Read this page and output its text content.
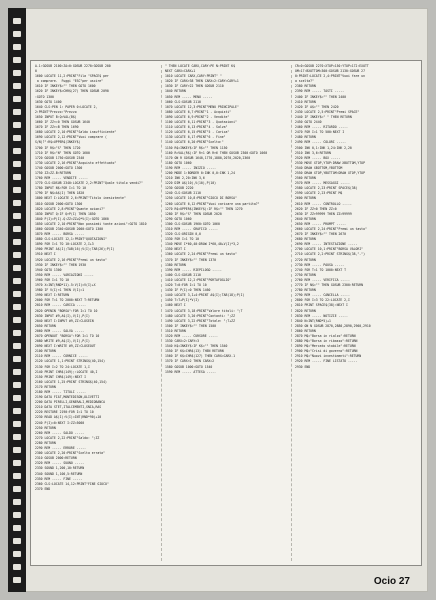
A-1:GOSUB 2100:ZA=0:GOSUB 2270:GOSUB 200
0
1600 LOCATE 11,2:PRINT"Fila "SPACE$ per
a comprare.  Fuggi "ESC"per uscire"
1610 IF INKEY$="" THEN GOTO 1600
1620 IF INKEY$=CHR$(27) THEN GOSUB 2090
:GOTO 1300
1630 GOTO 1400
1640 CLS:PEN 1: PAPER 0:LOCATE 2,
2:PRINT"Prezzo:"Prezzo
1650 INPUT B:Q=VAL(B$)
1660 IF ZZ<=0 THEN GOSUB 1640
1670 IF ZZ>=B THEN 1690
1680 LOCATE 2,10:PRINT"Saldo insufficiente"
1690 LOCATE 2,12:PRINT"Vuoi comprare (
S/N)?":R$=UPPER$(INKEY$)
1700 IF R$="S" THEN 1720
1710 IF R$="N" THEN GOTO 1600
1720 GOSUB 1750:GOSUB 2340
1730 LOCATE 2,16:PRINT"Acquisto effettuato"
1740 GOSUB 2000:GOTO 1300
1750 ZZ=ZZ-B:RETURN
1760 REM ----- VENDITE -----
1770 CLS:GOSUB 2340:LOCATE 2,2:PRINT"Quale titolo vendi?"
1780 INPUT N$:FOR I=1 TO 10
1790 IF N$=A$(I) THEN 1820
1800 NEXT I:LOCATE 2,6:PRINT"Titolo inesistente"
1810 GOSUB 2000:GOTO 1300
1820 LOCATE 2,8:PRINT"Quante azioni?"
1830 INPUT Q:IF Q>P(I) THEN 1850
1840 P(I)=P(I)-Q:ZZ=ZZ+Q*V(I):GOTO 1860
1850 LOCATE 2,10:PRINT"Non possiedi tante azioni":GOTO 1810
1860 GOSUB 2340:GOSUB 2000:GOTO 1300
1870 REM ----- BORSA -----
1880 CLS:LOCATE 12,1:PRINT"QUOTAZIONI"
1890 FOR I=1 TO 10:LOCATE 2,I+3
1900 PRINT A$(I);TAB(16);V(I);TAB(26);P(I)
1910 NEXT I
1920 LOCATE 2,16:PRINT"Premi un tasto"
1930 IF INKEY$="" THEN 1930
1940 GOTO 1300
1950 REM ----- VARIAZIONI -----
1960 FOR I=1 TO 10
1970 X=INT(RND*11)-5:V(I)=V(I)+X
1980 IF V(I)<1 THEN V(I)=1
1990 NEXT I:RETURN
2000 FOR T=1 TO 2000:NEXT T:RETURN
2010 REM ----- CARICA -----
2020 OPENIN "BORSA":FOR I=1 TO 10
2030 INPUT #9,A$(I),V(I),P(I)
2040 NEXT I:INPUT #9,ZZ:CLOSEIN
2050 RETURN
2060 REM ----- SALVA -----
2070 OPENOUT "BORSA":FOR I=1 TO 10
2080 WRITE #9,A$(I),V(I),P(I)
2090 NEXT I:WRITE #9,ZZ:CLOSEOUT
2100 RETURN
2110 REM ----- CORNICE -----
2120 LOCATE 1,1:PRINT STRING$(40,154)
2130 FOR I=2 TO 24:LOCATE 1,I
2140 PRINT CHR$(149);:LOCATE 40,I
2150 PRINT CHR$(149):NEXT I
2160 LOCATE 1,25:PRINT STRING$(40,154)
2170 RETURN
2180 REM ----- TITOLI -----
2190 DATA FIAT,MONTEDISON,OLIVETTI
2200 DATA PIRELLI,GENERALI,MEDIOBANCA
2210 DATA STET,ITALCEMENTI,SNIA,RAS
2220 RESTORE 2190:FOR I=1 TO 10
2230 READ A$(I):V(I)=INT(RND*90)+10
2240 P(I)=0:NEXT I:ZZ=5000
2250 RETURN
2260 REM ----- SALDO -----
2270 LOCATE 2,22:PRINT"Saldo: ";ZZ
2280 RETURN
2290 REM ----- ERRORE -----
2300 LOCATE 2,20:PRINT"Scelta errata"
2310 GOSUB 2000:RETURN
2320 REM ----- SUONO -----
2330 SOUND 1,200,10:RETURN
2340 SOUND 1,100,5:RETURN
2350 REM ----- FINE -----
2360 CLS:LOCATE 14,12:PRINT"FINE GIOCO"
2370 END
" THEN LOCATE CARX,CARY:PE N:PRINT K$
NEXT CARX=CARX+1
1010 LOCATE CARX,CARY:PRINT" "
1020 IF CARX>38 THEN CARX=2:CARY=CARY+1
1030 IF CARY>22 THEN GOSUB 2110
1040 RETURN
1050 REM ----- MENU -----
1060 CLS:GOSUB 2110
1070 LOCATE 12,3:PRINT"MENU PRINCIPALE"
1080 LOCATE 6,7:PRINT"1 - Acquisti"
1090 LOCATE 6,9:PRINT"2 - Vendite"
1100 LOCATE 6,11:PRINT"3 - Quotazioni"
1110 LOCATE 6,13:PRINT"4 - Salva"
1120 LOCATE 6,15:PRINT"5 - Carica"
1130 LOCATE 6,17:PRINT"6 - Fine"
1140 LOCATE 6,20:PRINT"Scelta:"
1150 R$=INKEY$:IF R$="" THEN 1150
1160 R=VAL(R$):IF R<1 OR R>6 THEN GOSUB 2300:GOTO 1060
1170 ON R GOSUB 1640,1770,1880,2070,2020,2360
1180 GOTO 1060
1190 REM ----- INIZIO -----
1200 MODE 1:BORDER 0:INK 0,0:INK 1,24
1210 INK 2,20:INK 3,6
1220 DIM A$(10),V(10),P(10)
1230 GOSUB 2220
1240 CLS:GOSUB 2110
1250 LOCATE 10,8:PRINT"GIOCO DI BORSA"
1260 LOCATE 6,12:PRINT"Vuoi caricare una partita?"
1270 R$=UPPER$(INKEY$):IF R$="" THEN 1270
1280 IF R$="S" THEN GOSUB 2020
1290 GOTO 1060
1300 CLS:GOSUB 1960:GOTO 1060
1310 REM ----- GRAFICO -----
1320 CLS:ORIGIN 0,0
1330 FOR I=1 TO 10
1340 MOVE I*60,40:DRAW I*60,40+V(I)*3,2
1350 NEXT I
1360 LOCATE 2,24:PRINT"Premi un tasto"
1370 IF INKEY$="" THEN 1370
1380 RETURN
1390 REM ----- RIEPILOGO -----
1400 CLS:GOSUB 2110
1410 LOCATE 12,2:PRINT"PORTAFOGLIO"
1420 T=0:FOR I=1 TO 10
1430 IF P(I)=0 THEN 1460
1440 LOCATE 3,I+4:PRINT A$(I);TAB(18);P(I)
1450 T=T+P(I)*V(I)
1460 NEXT I
1470 LOCATE 3,18:PRINT"Valore titoli: ";T
1480 LOCATE 3,20:PRINT"Contanti: ";ZZ
1490 LOCATE 3,22:PRINT"Totale: ";T+ZZ
1500 IF INKEY$="" THEN 1500
1510 RETURN
1520 REM ----- CURSORE -----
1530 CARX=2:CARY=3
1540 K$=INKEY$:IF K$="" THEN 1540
1550 IF K$=CHR$(13) THEN RETURN
1560 IF K$=CHR$(127) THEN CARX=CARX-1
1570 IF CARX<2 THEN CARX=2
1580 GOSUB 1000:GOTO 1540
1590 REM ----- ATTESA -----
CR=0:GOSUB 2270:XTOP=150:YTOP=172:EXOTT
OM=17:BXOTTOM=300:GOSUB 2130:GOSUB 27
0:PRINT:LOCATE 2,4:PRINT"Vuoi fare un
a scelta?"
2380 RETURN
2390 REM ----- TASTI -----
2400 IF INKEY$="" THEN 2400
2410 RETURN
2420 IF A$="" THEN 2420
2430 LOCATE 2,5:PRINT"Premi SPACE"
2440 IF INKEY$=" " THEN RETURN
2450 GOTO 2440
2460 REM ----- RITARDO -----
2470 FOR I=1 TO 500:NEXT I
2480 RETURN
2490 REM ----- COLORI -----
2500 INK 0,1:INK 1,24:INK 2,20
2510 INK 3,6:RETURN
2520 REM ----- BOX -----
2530 MOVE XTOP,YTOP:DRAW XBOTTOM,YTOP
2540 DRAW XBOTTOM,YBOTTOM
2550 DRAW XTOP,YBOTTOM:DRAW XTOP,YTOP
2560 RETURN
2570 REM ----- MESSAGGI -----
2580 LOCATE 2,23:PRINT SPACE$(38)
2590 LOCATE 2,23:PRINT M$
2600 RETURN
2610 REM ----- CONTROLLO -----
2620 IF ZZ<0 THEN ZZ=0
2630 IF ZZ>99999 THEN ZZ=99999
2640 RETURN
2650 REM ----- PROMPT -----
2660 LOCATE 2,24:PRINT"Premi un tasto"
2670 IF INKEY$="" THEN 2670
2680 RETURN
2690 REM ----- INTESTAZIONE -----
2700 LOCATE 10,1:PRINT"BORSA VALORI"
2710 LOCATE 2,2:PRINT STRING$(38,"-")
2720 RETURN
2730 REM ----- PAUSA -----
2740 FOR T=1 TO 1000:NEXT T
2750 RETURN
2760 REM ----- VERIFICA -----
2770 IF N$="" THEN GOSUB 2300:RETURN
2780 RETURN
2790 REM ----- CANCELLA -----
2800 FOR I=3 TO 22:LOCATE 2,I
2810 PRINT SPACE$(38):NEXT I
2820 RETURN
2830 REM ----- NOTIZIE -----
2840 N=INT(RND*5)+1
2850 ON N GOSUB 2870,2880,2890,2900,2910
2860 RETURN
2870 M$="Borsa in rialzo":RETURN
2880 M$="Borsa in ribasso":RETURN
2890 M$="Mercato stabile":RETURN
2900 M$="Crisi di governo":RETURN
2910 M$="Nuovi investimenti":RETURN
2920 REM ----- FINE LISTATO -----
2930 END
Ocio 27
